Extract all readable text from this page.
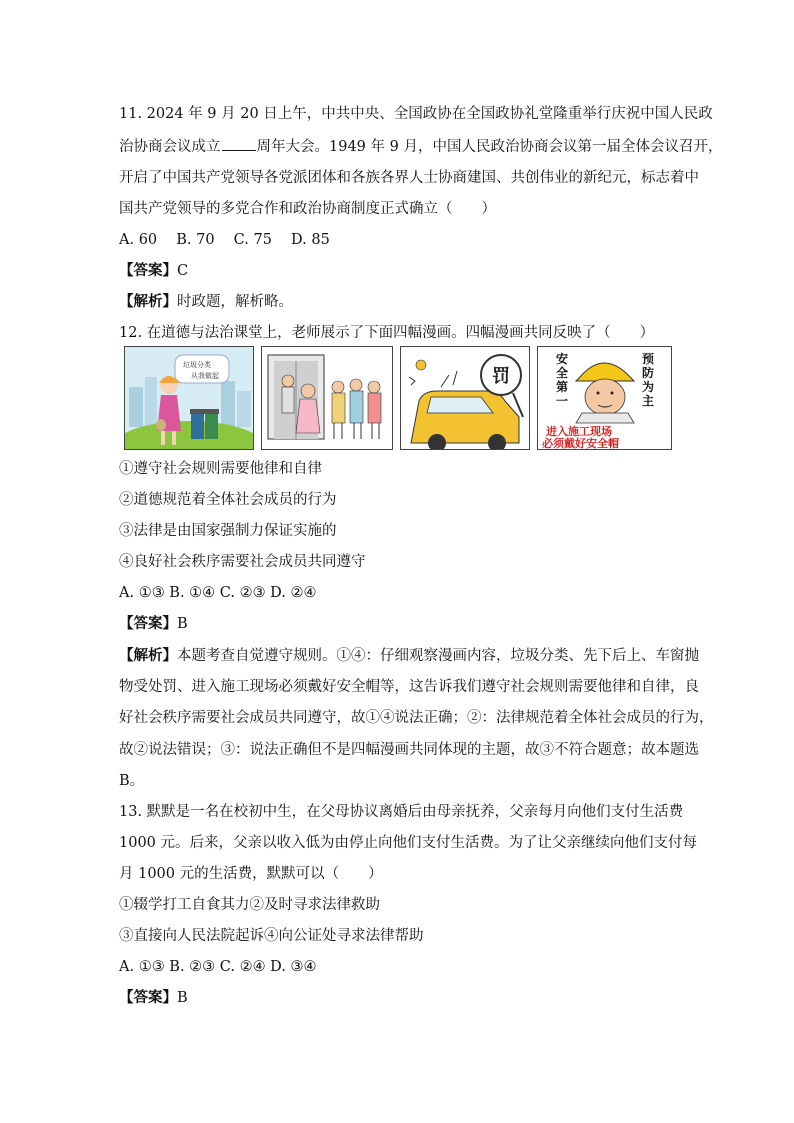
11. 2024 年 9 月 20 日上午，中共中央、全国政协在全国政协礼堂隆重举行庆祝中国人民政
治协商会议成立 周年大会。1949 年 9 月，中国人民政治协商会议第一届全体会议召开，
开启了中国共产党领导各党派团体和各族各界人士协商建国、共创伟业的新纪元，标志着中
国共产党领导的多党合作和政治协商制度正式确立（　　）
A. 60　 B. 70　 C. 75　 D. 85
【答案】C
【解析】时政题，解析略。
12. 在道德与法治课堂上，老师展示了下面四幅漫画。四幅漫画共同反映了（　　）
垃圾分类
从我做起	罚
安
全
第
一
预
防
为
主
进入施工现场
必须戴好安全帽
①遵守社会规则需要他律和自律
②道德规范着全体社会成员的行为
③法律是由国家强制力保证实施的
④良好社会秩序需要社会成员共同遵守
A. ①③ B. ①④ C. ②③ D. ②④
【答案】B
【解析】本题考查自觉遵守规则。①④：仔细观察漫画内容，垃圾分类、先下后上、车窗抛
物受处罚、进入施工现场必须戴好安全帽等，这告诉我们遵守社会规则需要他律和自律，良
好社会秩序需要社会成员共同遵守，故①④说法正确；②：法律规范着全体社会成员的行为，
故②说法错误；③：说法正确但不是四幅漫画共同体现的主题，故③不符合题意；故本题选
B。
13. 默默是一名在校初中生，在父母协议离婚后由母亲抚养，父亲每月向他们支付生活费
1000 元。后来，父亲以收入低为由停止向他们支付生活费。为了让父亲继续向他们支付每
月 1000 元的生活费，默默可以（　　）
①辍学打工自食其力②及时寻求法律救助
③直接向人民法院起诉④向公证处寻求法律帮助
A. ①③ B. ②③ C. ②④ D. ③④
【答案】B
